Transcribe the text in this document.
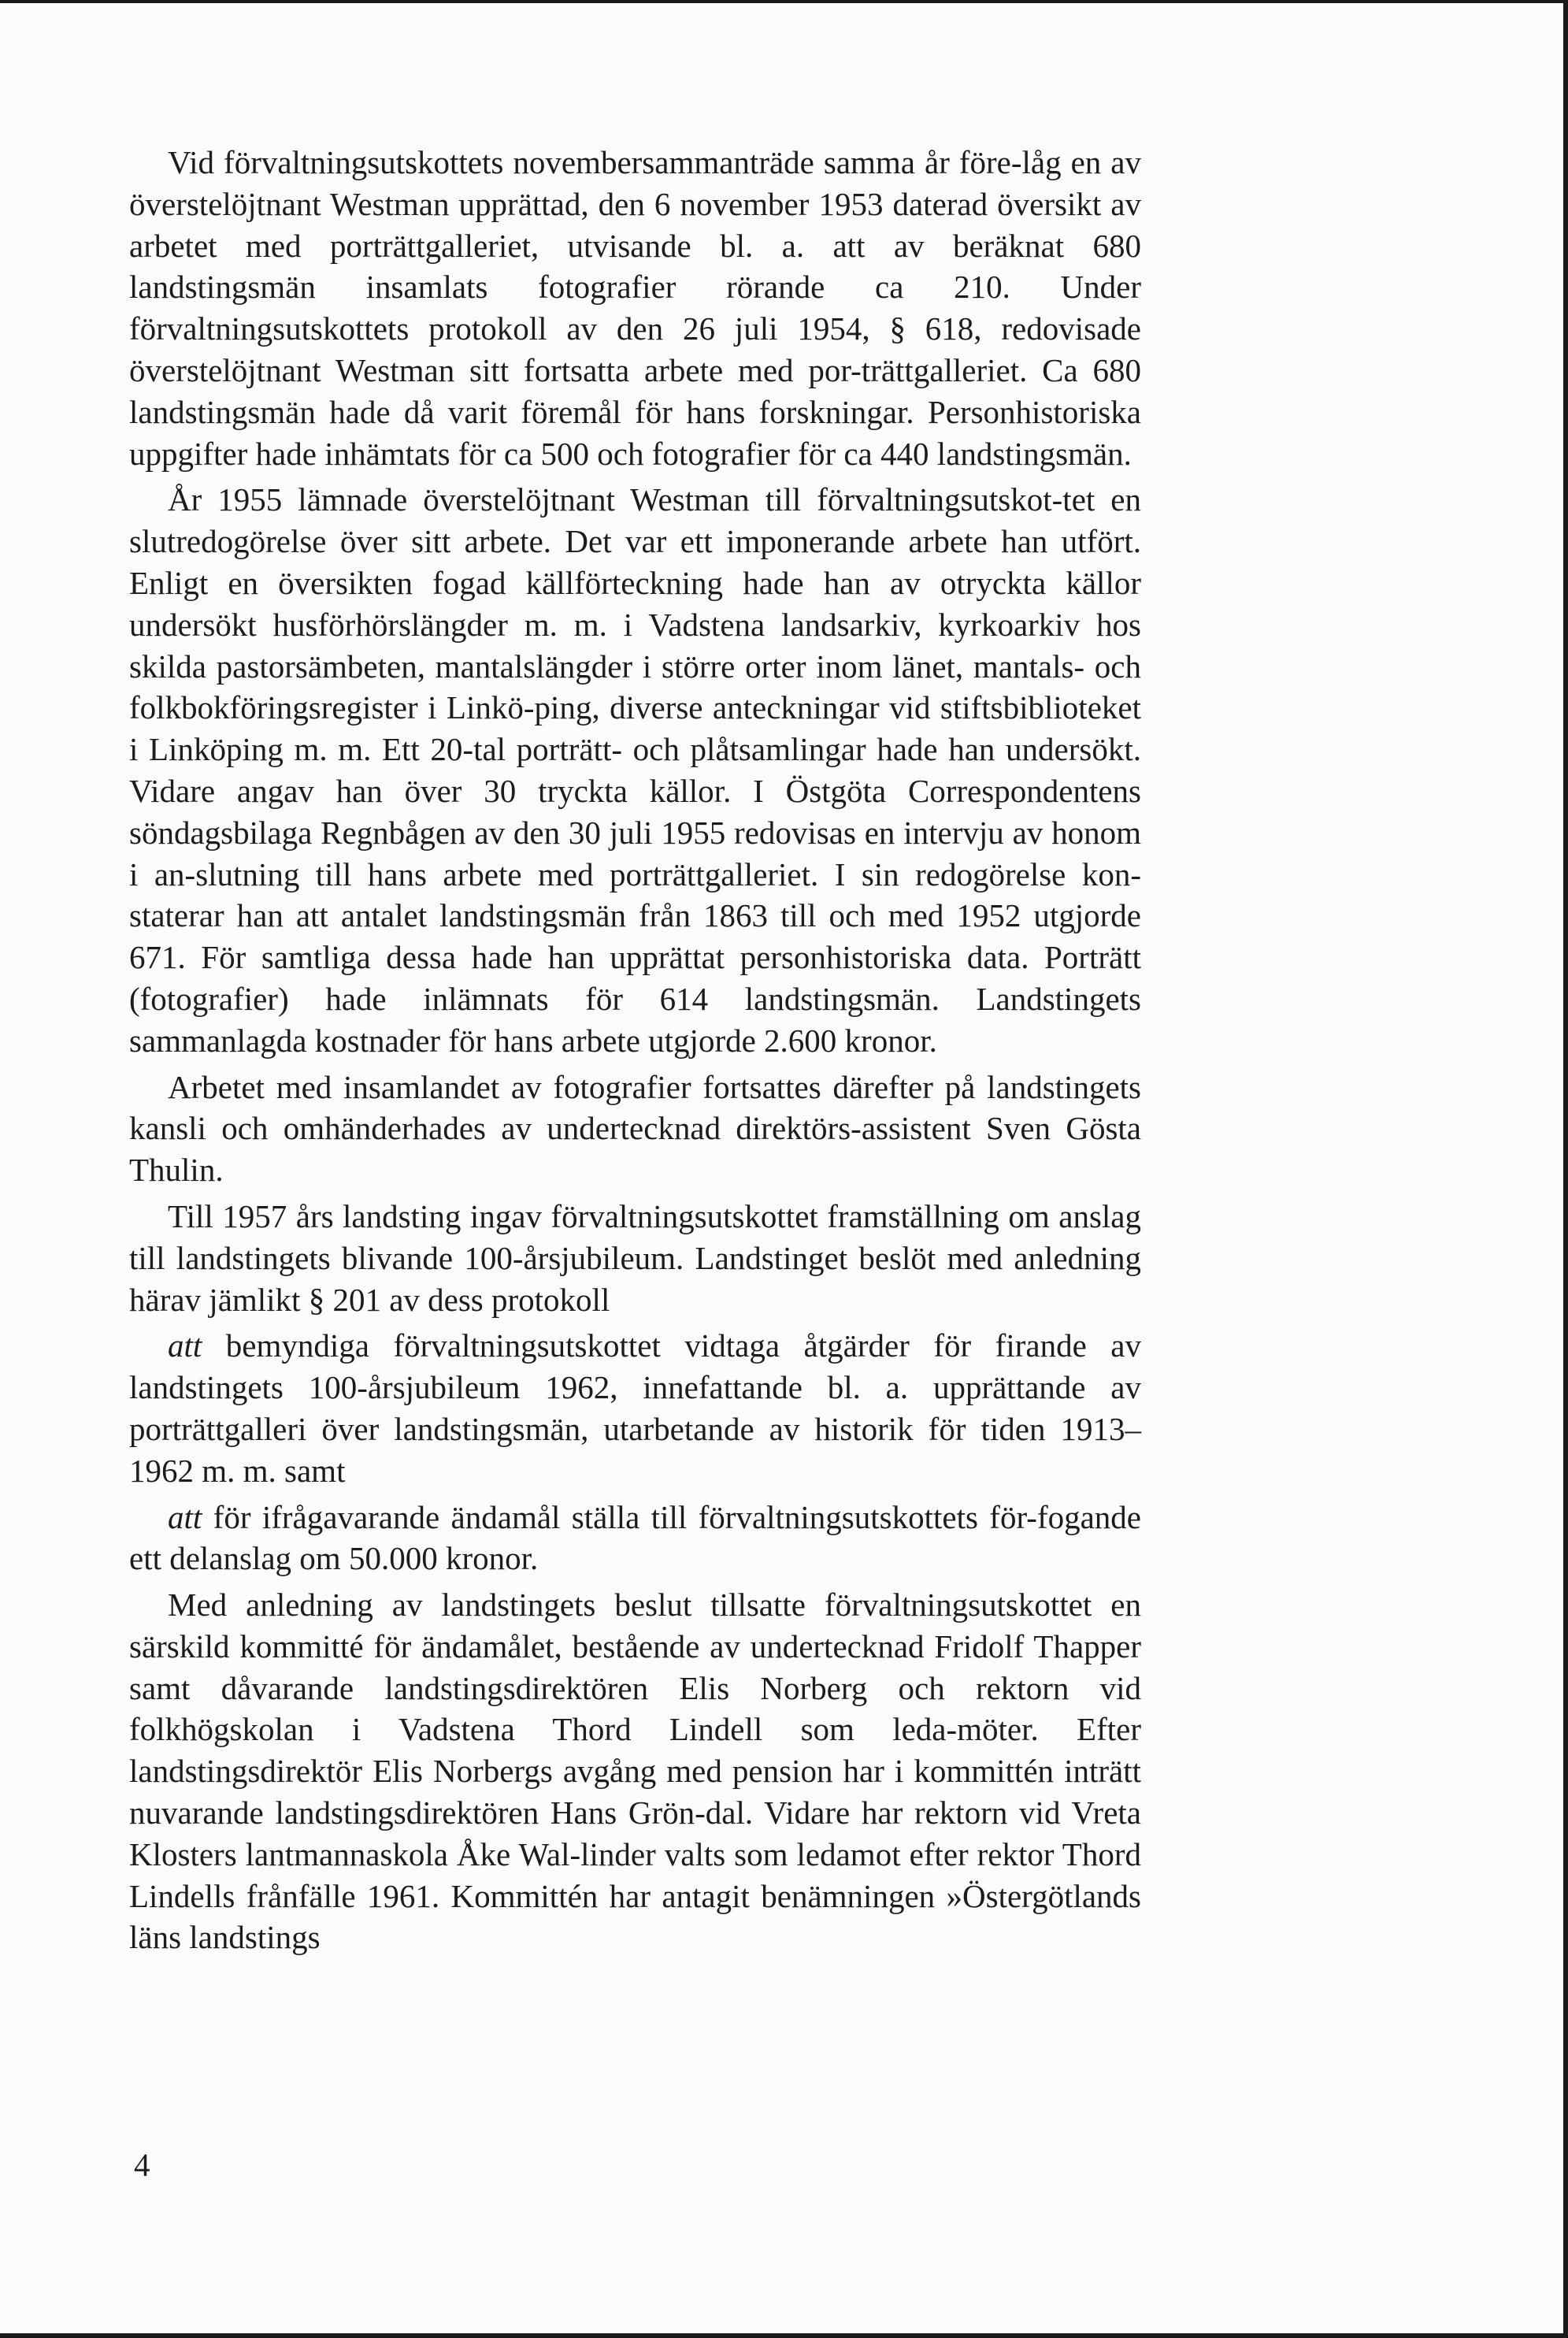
Vid förvaltningsutskottets novembersammanträde samma år före-låg en av överstelöjtnant Westman upprättad, den 6 november 1953 daterad översikt av arbetet med porträttgalleriet, utvisande bl. a. att av beräknat 680 landstingsmän insamlats fotografier rörande ca 210. Under förvaltningsutskottets protokoll av den 26 juli 1954, § 618, redovisade överstelöjtnant Westman sitt fortsatta arbete med por-trättgalleriet. Ca 680 landstingsmän hade då varit föremål för hans forskningar. Personhistoriska uppgifter hade inhämtats för ca 500 och fotografier för ca 440 landstingsmän.

År 1955 lämnade överstelöjtnant Westman till förvaltningsutskot-tet en slutredogörelse över sitt arbete. Det var ett imponerande arbete han utfört. Enligt en översikten fogad källförteckning hade han av otryckta källor undersökt husförhörslängder m. m. i Vadstena landsarkiv, kyrkoarkiv hos skilda pastorsämbeten, mantalslängder i större orter inom länet, mantals- och folkbokföringsregister i Linkö-ping, diverse anteckningar vid stiftsbiblioteket i Linköping m. m. Ett 20-tal porträtt- och plåtsamlingar hade han undersökt. Vidare angav han över 30 tryckta källor. I Östgöta Correspondentens söndagsbilaga Regnbågen av den 30 juli 1955 redovisas en intervju av honom i an-slutning till hans arbete med porträttgalleriet. I sin redogörelse kon-staterar han att antalet landstingsmän från 1863 till och med 1952 utgjorde 671. För samtliga dessa hade han upprättat personhistoriska data. Porträtt (fotografier) hade inlämnats för 614 landstingsmän. Landstingets sammanlagda kostnader för hans arbete utgjorde 2.600 kronor.

Arbetet med insamlandet av fotografier fortsattes därefter på landstingets kansli och omhänderhades av undertecknad direktörs-assistent Sven Gösta Thulin.

Till 1957 års landsting ingav förvaltningsutskottet framställning om anslag till landstingets blivande 100-årsjubileum. Landstinget beslöt med anledning härav jämlikt § 201 av dess protokoll

att bemyndiga förvaltningsutskottet vidtaga åtgärder för firande av landstingets 100-årsjubileum 1962, innefattande bl. a. upprättande av porträttgalleri över landstingsmän, utarbetande av historik för tiden 1913–1962 m. m. samt

att för ifrågavarande ändamål ställa till förvaltningsutskottets för-fogande ett delanslag om 50.000 kronor.

Med anledning av landstingets beslut tillsatte förvaltningsutskottet en särskild kommitté för ändamålet, bestående av undertecknad Fridolf Thapper samt dåvarande landstingsdirektören Elis Norberg och rektorn vid folkhögskolan i Vadstena Thord Lindell som leda-möter. Efter landstingsdirektör Elis Norbergs avgång med pension har i kommittén inträtt nuvarande landstingsdirektören Hans Grön-dal. Vidare har rektorn vid Vreta Klosters lantmannaskola Åke Wal-linder valts som ledamot efter rektor Thord Lindells frånfälle 1961. Kommittén har antagit benämningen »Östergötlands läns landstings

4
